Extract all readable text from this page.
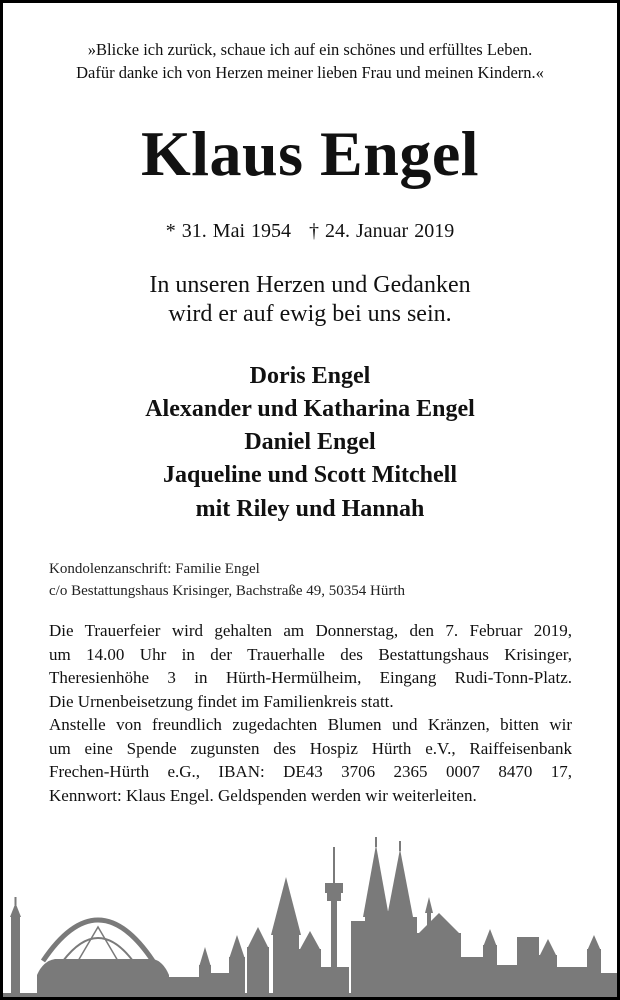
»Blicke ich zurück, schaue ich auf ein schönes und erfülltes Leben.
Dafür danke ich von Herzen meiner lieben Frau und meinen Kindern.«
Klaus Engel
* 31. Mai 1954 † 24. Januar 2019
In unseren Herzen und Gedanken
wird er auf ewig bei uns sein.
Doris Engel
Alexander und Katharina Engel
Daniel Engel
Jaqueline und Scott Mitchell
mit Riley und Hannah
Kondolenzanschrift: Familie Engel
c/o Bestattungshaus Krisinger, Bachstraße 49, 50354 Hürth
Die Trauerfeier wird gehalten am Donnerstag, den 7. Februar 2019,
um 14.00 Uhr in der Trauerhalle des Bestattungshaus Krisinger,
Theresienhöhe 3 in Hürth-Hermülheim, Eingang Rudi-Tonn-Platz.
Die Urnenbeisetzung findet im Familienkreis statt.
Anstelle von freundlich zugedachten Blumen und Kränzen, bitten wir
um eine Spende zugunsten des Hospiz Hürth e.V., Raiffeisenbank
Frechen-Hürth e.G., IBAN: DE43 3706 2365 0007 8470 17,
Kennwort: Klaus Engel. Geldspenden werden wir weiterleiten.
